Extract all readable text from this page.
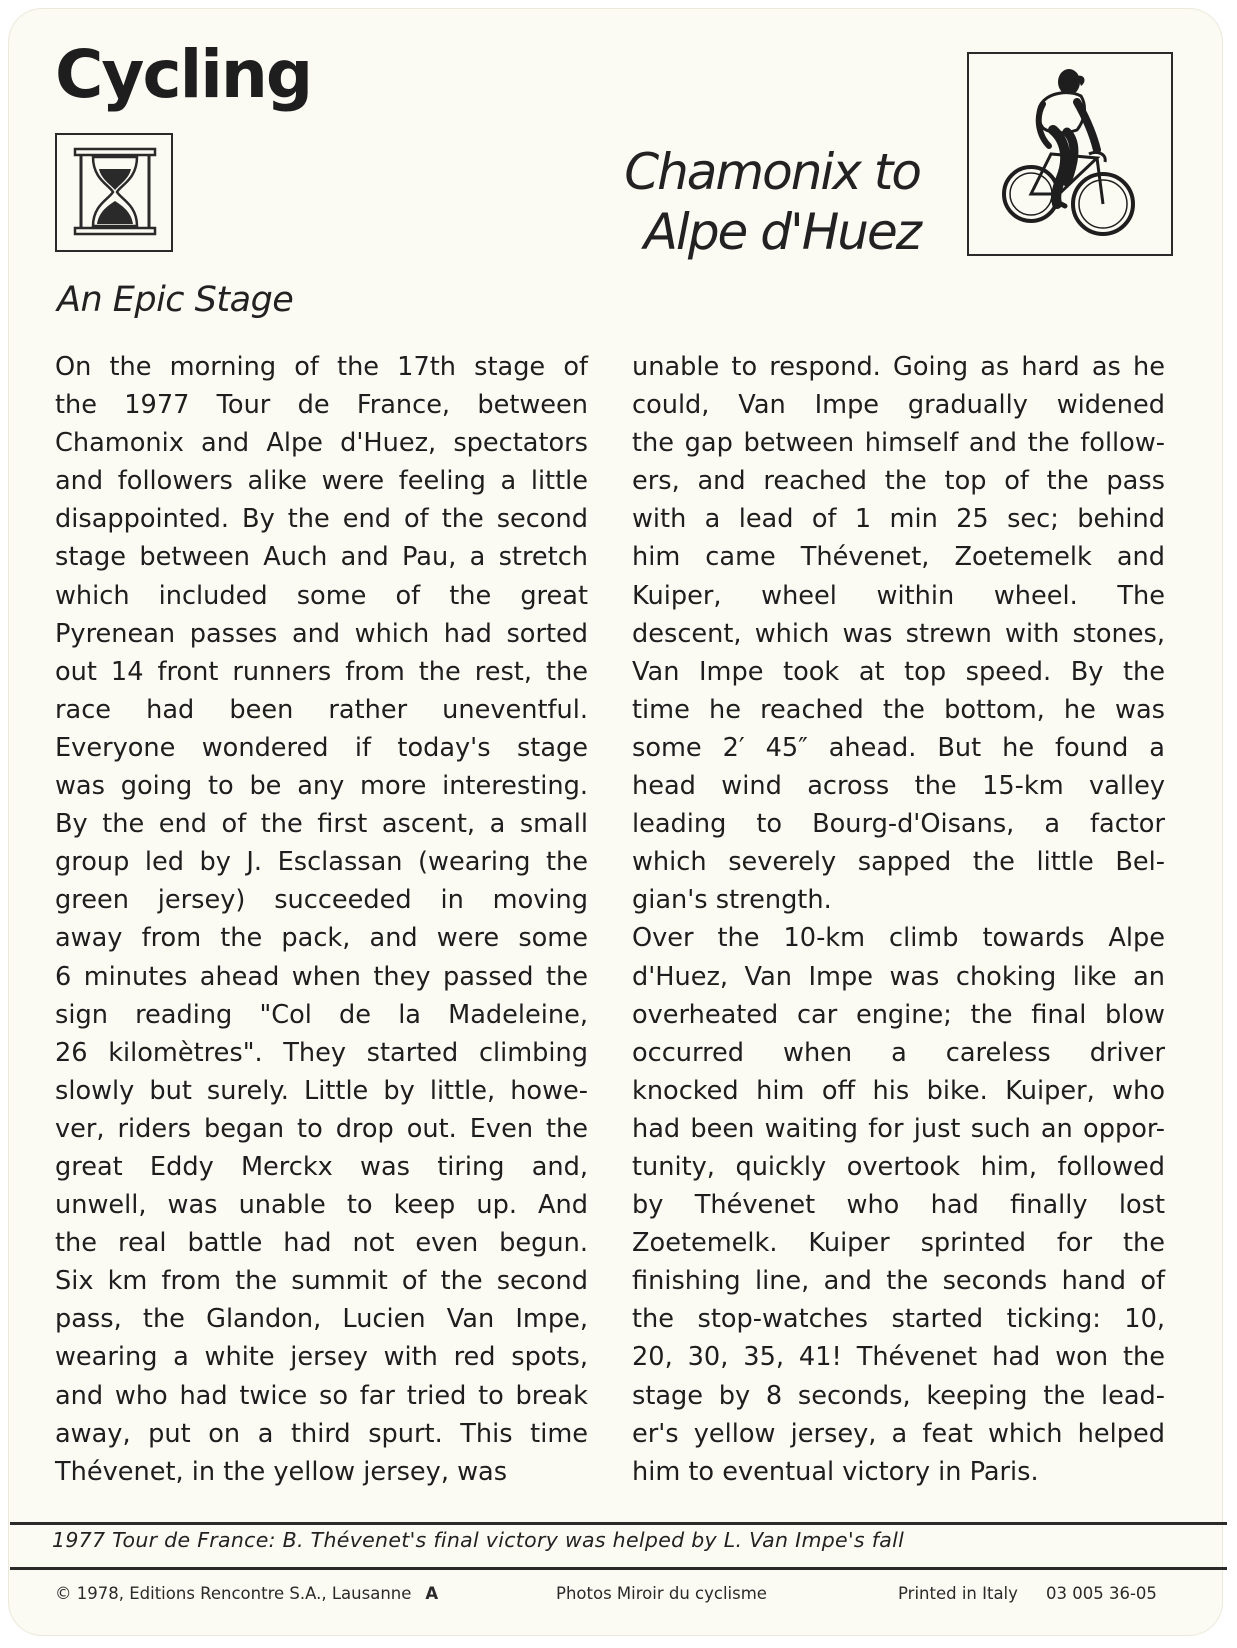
Cycling
Chamonix to
Alpe d'Huez
An Epic Stage
On the morning of the 17th stage of
the 1977 Tour de France, between
Chamonix and Alpe d'Huez, spectators
and followers alike were feeling a little
disappointed. By the end of the second
stage between Auch and Pau, a stretch
which included some of the great
Pyrenean passes and which had sorted
out 14 front runners from the rest, the
race had been rather uneventful.
Everyone wondered if today's stage
was going to be any more interesting.
By the end of the first ascent, a small
group led by J. Esclassan (wearing the
green jersey) succeeded in moving
away from the pack, and were some
6 minutes ahead when they passed the
sign reading "Col de la Madeleine,
26 kilomètres". They started climbing
slowly but surely. Little by little, howe-
ver, riders began to drop out. Even the
great Eddy Merckx was tiring and,
unwell, was unable to keep up. And
the real battle had not even begun.
Six km from the summit of the second
pass, the Glandon, Lucien Van Impe,
wearing a white jersey with red spots,
and who had twice so far tried to break
away, put on a third spurt. This time
Thévenet, in the yellow jersey, was
unable to respond. Going as hard as he
could, Van Impe gradually widened
the gap between himself and the follow-
ers, and reached the top of the pass
with a lead of 1 min 25 sec; behind
him came Thévenet, Zoetemelk and
Kuiper, wheel within wheel. The
descent, which was strewn with stones,
Van Impe took at top speed. By the
time he reached the bottom, he was
some 2′ 45″ ahead. But he found a
head wind across the 15-km valley
leading to Bourg-d'Oisans, a factor
which severely sapped the little Bel-
gian's strength.
Over the 10-km climb towards Alpe
d'Huez, Van Impe was choking like an
overheated car engine; the final blow
occurred when a careless driver
knocked him off his bike. Kuiper, who
had been waiting for just such an oppor-
tunity, quickly overtook him, followed
by Thévenet who had finally lost
Zoetemelk. Kuiper sprinted for the
finishing line, and the seconds hand of
the stop-watches started ticking: 10,
20, 30, 35, 41! Thévenet had won the
stage by 8 seconds, keeping the lead-
er's yellow jersey, a feat which helped
him to eventual victory in Paris.

1977 Tour de France: B. Thévenet's final victory was helped by L. Van Impe's fall

© 1978, Editions Rencontre S.A., Lausanne A	Photos Miroir du cyclisme	Printed in Italy 03 005 36-05
